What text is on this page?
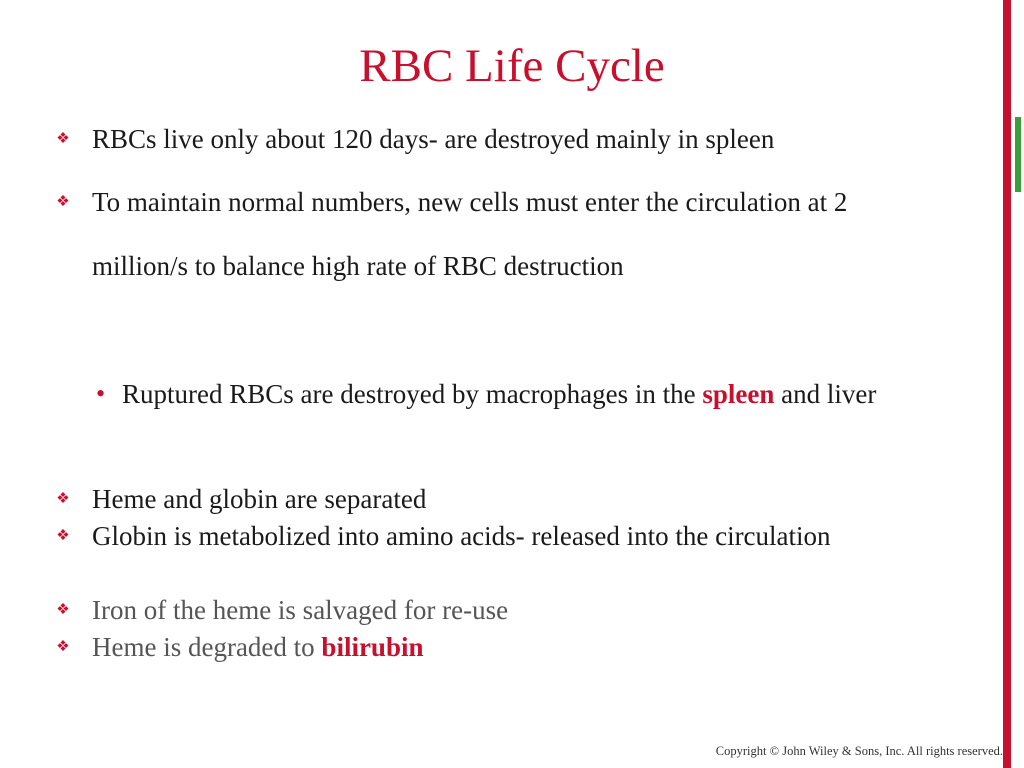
RBC Life Cycle
❖ RBCs live only about 120 days- are destroyed mainly in spleen
❖ To maintain normal numbers, new cells must enter the circulation at 2 million/s to balance high rate of RBC destruction
• Ruptured RBCs are destroyed by macrophages in the spleen and liver
❖ Heme and globin are separated
❖ Globin is metabolized into amino acids- released into the circulation
❖ Iron of the heme is salvaged for re-use
❖ Heme is degraded to bilirubin
Copyright © John Wiley & Sons, Inc. All rights reserved.
